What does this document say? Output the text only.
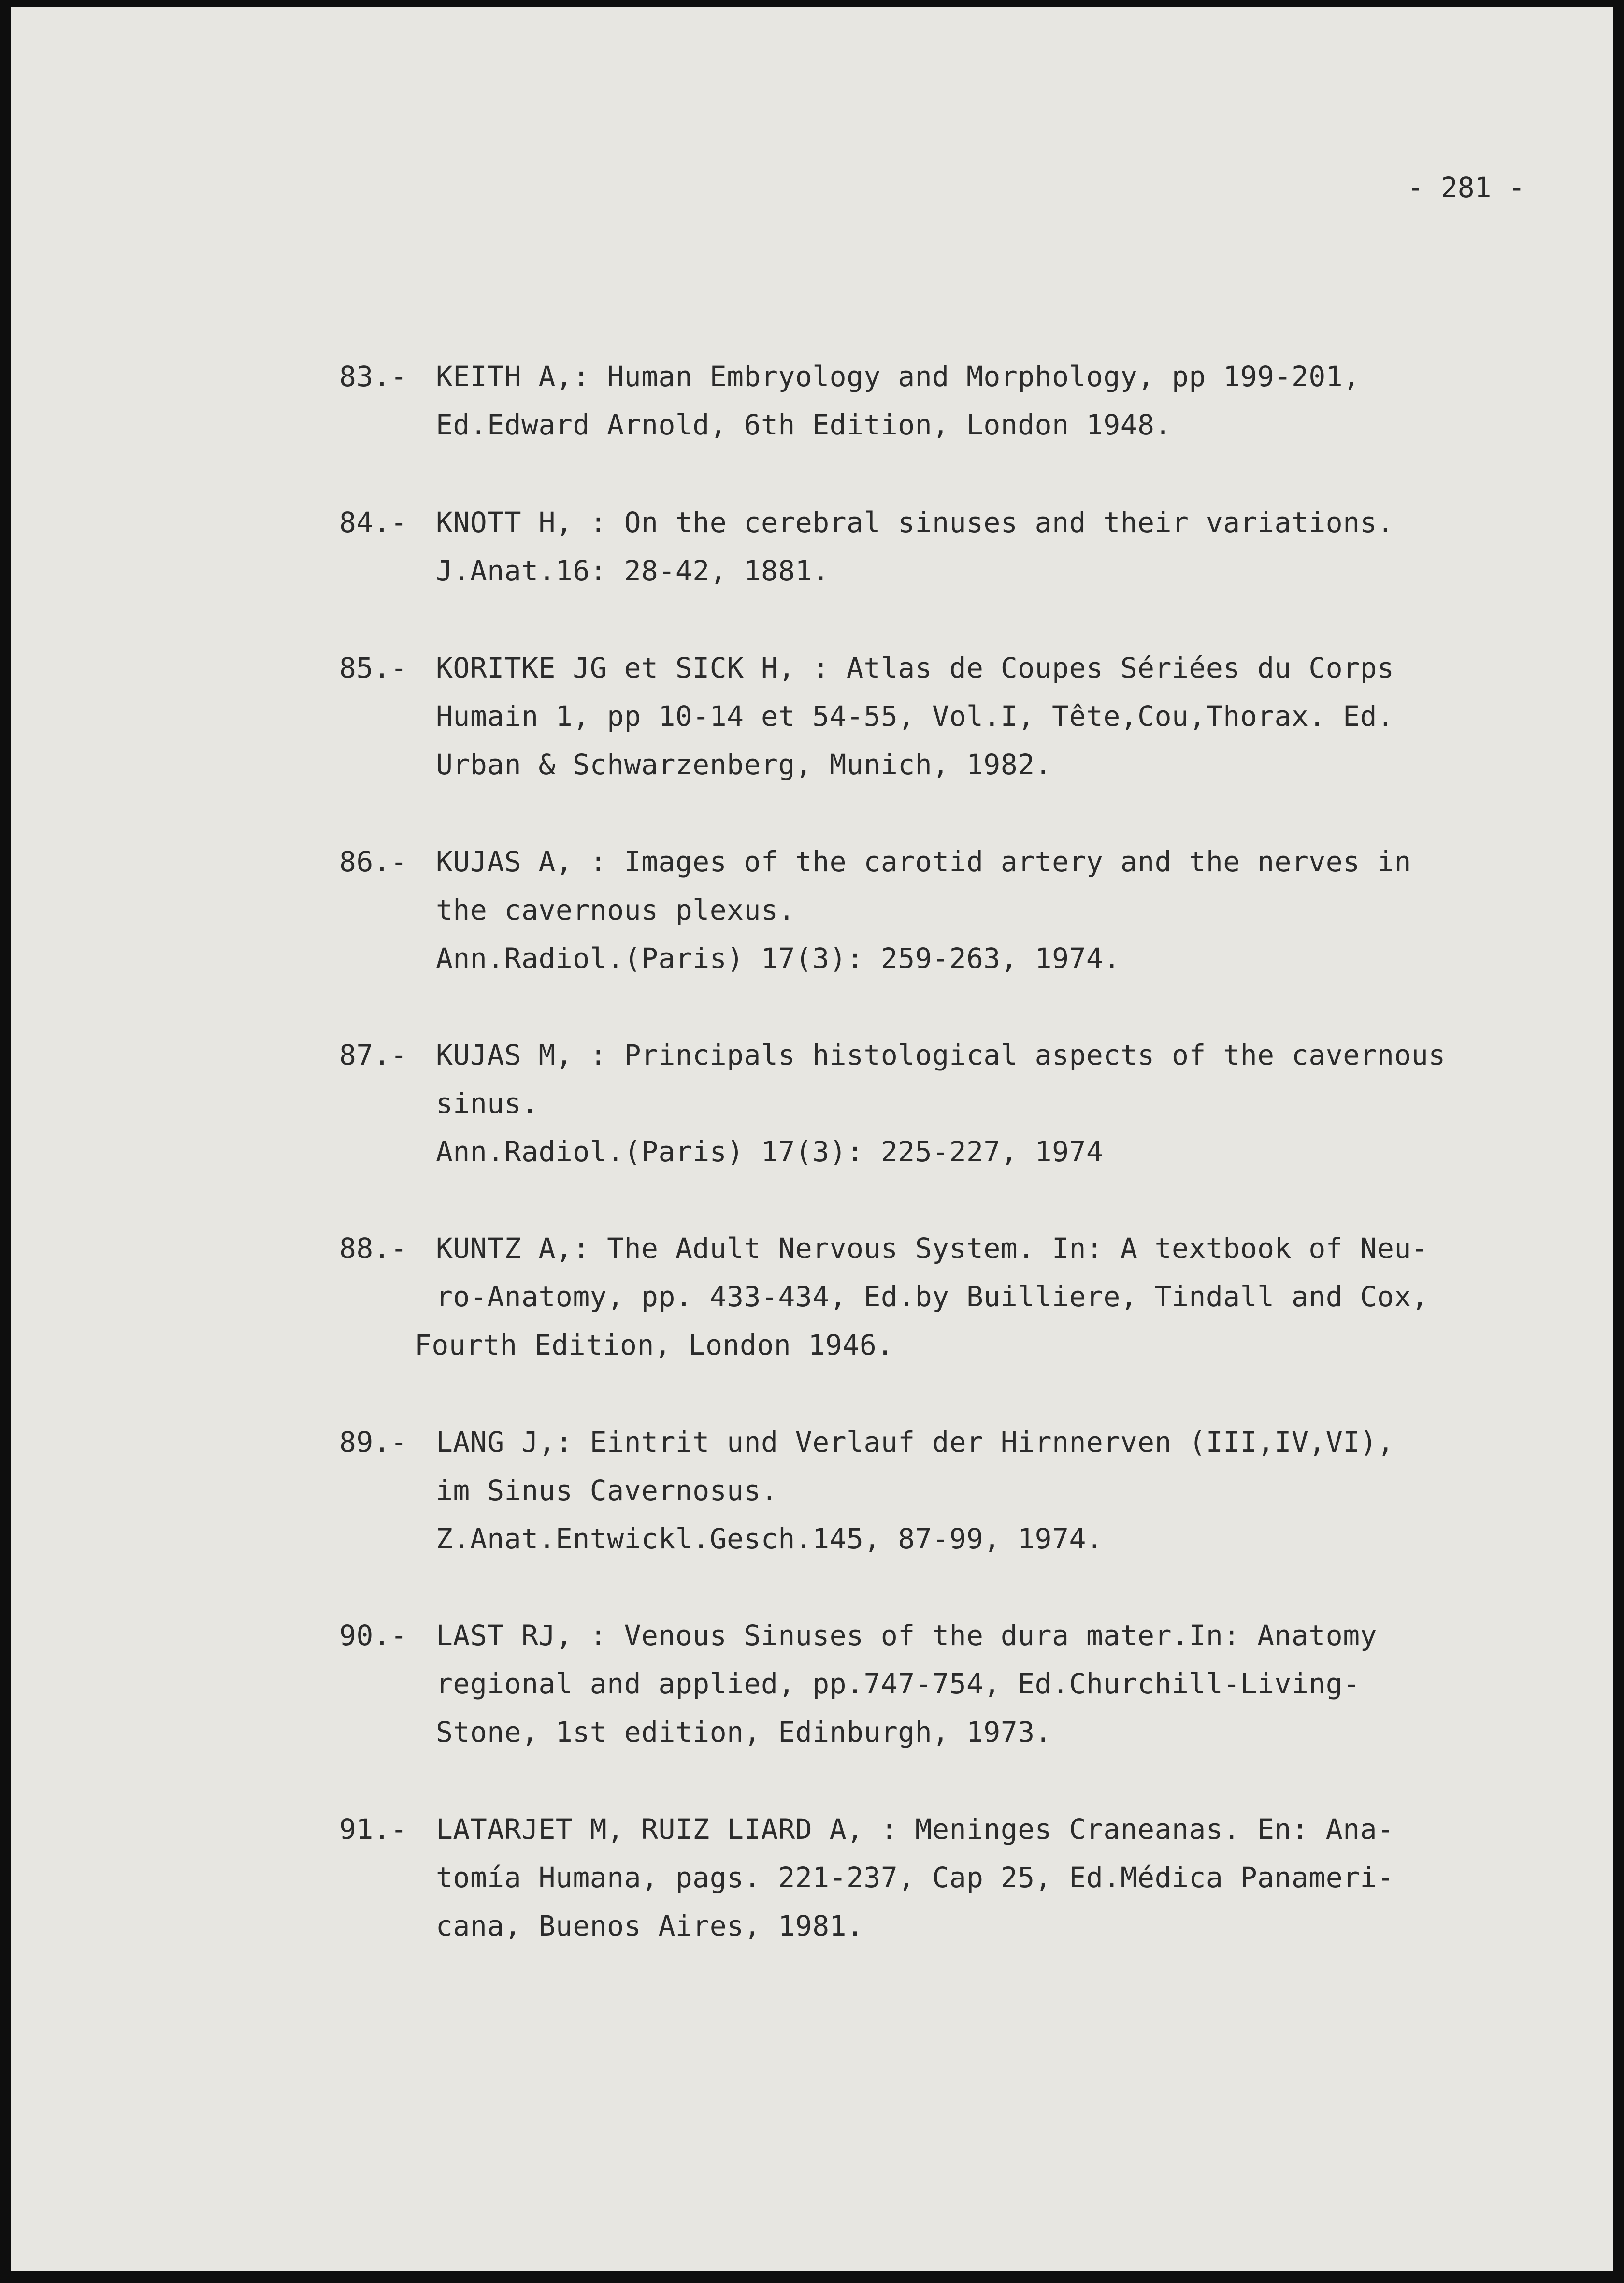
- 281 -
83.- KEITH A,: Human Embryology and Morphology, pp 199-201,
Ed.Edward Arnold, 6th Edition, London 1948.
84.- KNOTT H, : On the cerebral sinuses and their variations.
J.Anat.16: 28-42, 1881.
85.- KORITKE JG et SICK H, : Atlas de Coupes Sériées du Corps
Humain 1, pp 10-14 et 54-55, Vol.I, Tête,Cou,Thorax. Ed.
Urban & Schwarzenberg, Munich, 1982.
86.- KUJAS A, : Images of the carotid artery and the nerves in
the cavernous plexus.
Ann.Radiol.(Paris) 17(3): 259-263, 1974.
87.- KUJAS M, : Principals histological aspects of the cavernous
sinus.
Ann.Radiol.(Paris) 17(3): 225-227, 1974
88.- KUNTZ A,: The Adult Nervous System. In: A textbook of Neu-
ro-Anatomy, pp. 433-434, Ed.by Builliere, Tindall and Cox,
Fourth Edition, London 1946.
89.- LANG J,: Eintrit und Verlauf der Hirnnerven (III,IV,VI),
im Sinus Cavernosus.
Z.Anat.Entwickl.Gesch.145, 87-99, 1974.
90.- LAST RJ, : Venous Sinuses of the dura mater.In: Anatomy
regional and applied, pp.747-754, Ed.Churchill-Living-
Stone, 1st edition, Edinburgh, 1973.
91.- LATARJET M, RUIZ LIARD A, : Meninges Craneanas. En: Ana-
tomía Humana, pags. 221-237, Cap 25, Ed.Médica Panameri-
cana, Buenos Aires, 1981.
